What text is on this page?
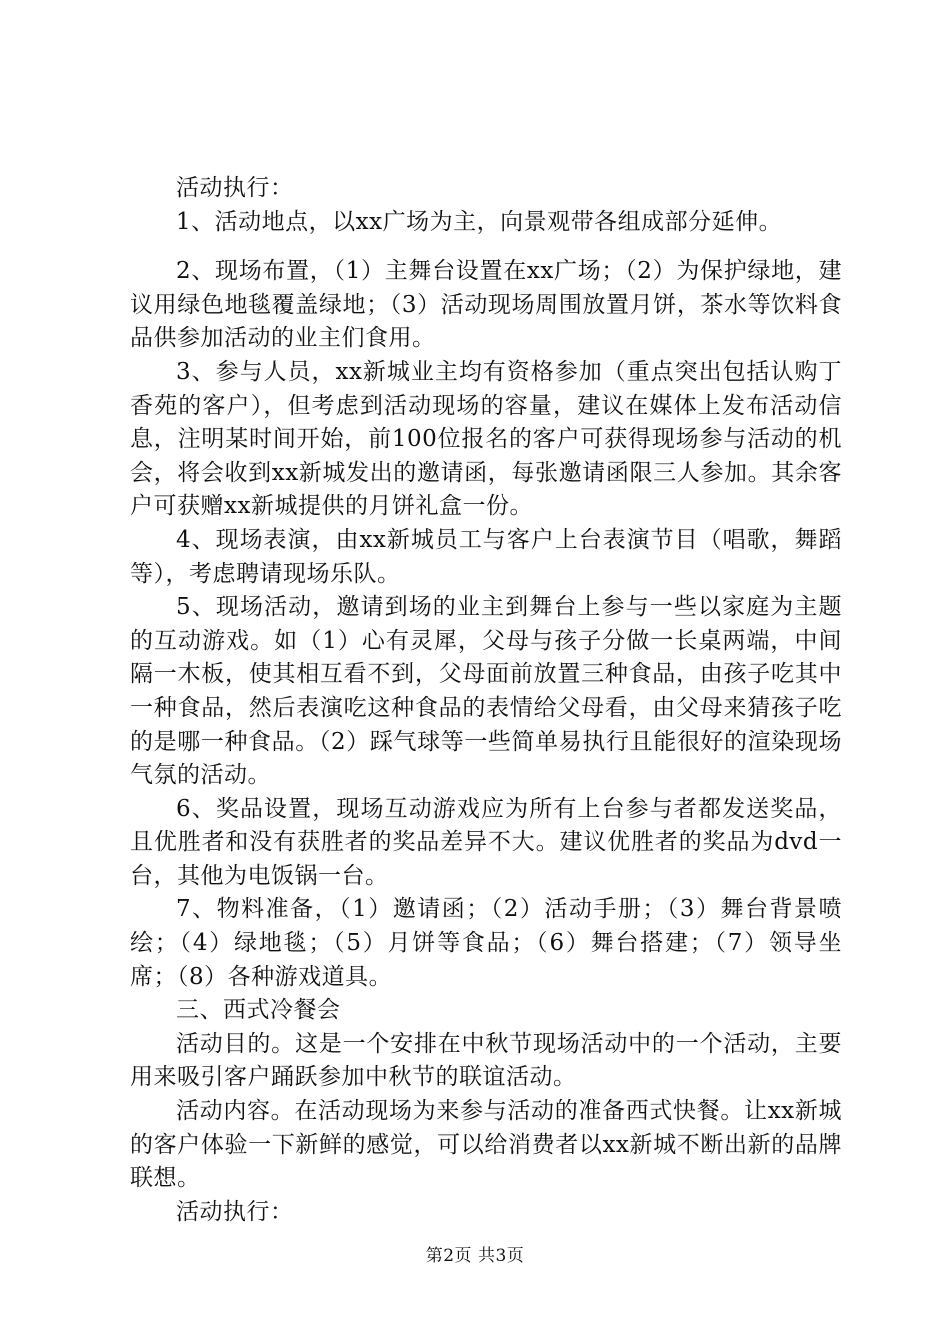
活动执行：

1、活动地点，以xx广场为主，向景观带各组成部分延伸。

2、现场布置，（1）主舞台设置在xx广场；（2）为保护绿地，建议用绿色地毯覆盖绿地；（3）活动现场周围放置月饼，茶水等饮料食品供参加活动的业主们食用。

3、参与人员，xx新城业主均有资格参加（重点突出包括认购丁香苑的客户），但考虑到活动现场的容量，建议在媒体上发布活动信息，注明某时间开始，前100位报名的客户可获得现场参与活动的机会，将会收到xx新城发出的邀请函，每张邀请函限三人参加。其余客户可获赠xx新城提供的月饼礼盒一份。

4、现场表演，由xx新城员工与客户上台表演节目（唱歌，舞蹈等），考虑聘请现场乐队。

5、现场活动，邀请到场的业主到舞台上参与一些以家庭为主题的互动游戏。如（1）心有灵犀，父母与孩子分做一长桌两端，中间隔一木板，使其相互看不到，父母面前放置三种食品，由孩子吃其中一种食品，然后表演吃这种食品的表情给父母看，由父母来猜孩子吃的是哪一种食品。（2）踩气球等一些简单易执行且能很好的渲染现场气氛的活动。

6、奖品设置，现场互动游戏应为所有上台参与者都发送奖品，且优胜者和没有获胜者的奖品差异不大。建议优胜者的奖品为dvd一台，其他为电饭锅一台。

7、物料准备，（1）邀请函；（2）活动手册；（3）舞台背景喷绘；（4）绿地毯；（5）月饼等食品；（6）舞台搭建；（7）领导坐席；（8）各种游戏道具。

三、西式冷餐会

活动目的。这是一个安排在中秋节现场活动中的一个活动，主要用来吸引客户踊跃参加中秋节的联谊活动。

活动内容。在活动现场为来参与活动的准备西式快餐。让xx新城的客户体验一下新鲜的感觉，可以给消费者以xx新城不断出新的品牌联想。

活动执行：

第2页 共3页
